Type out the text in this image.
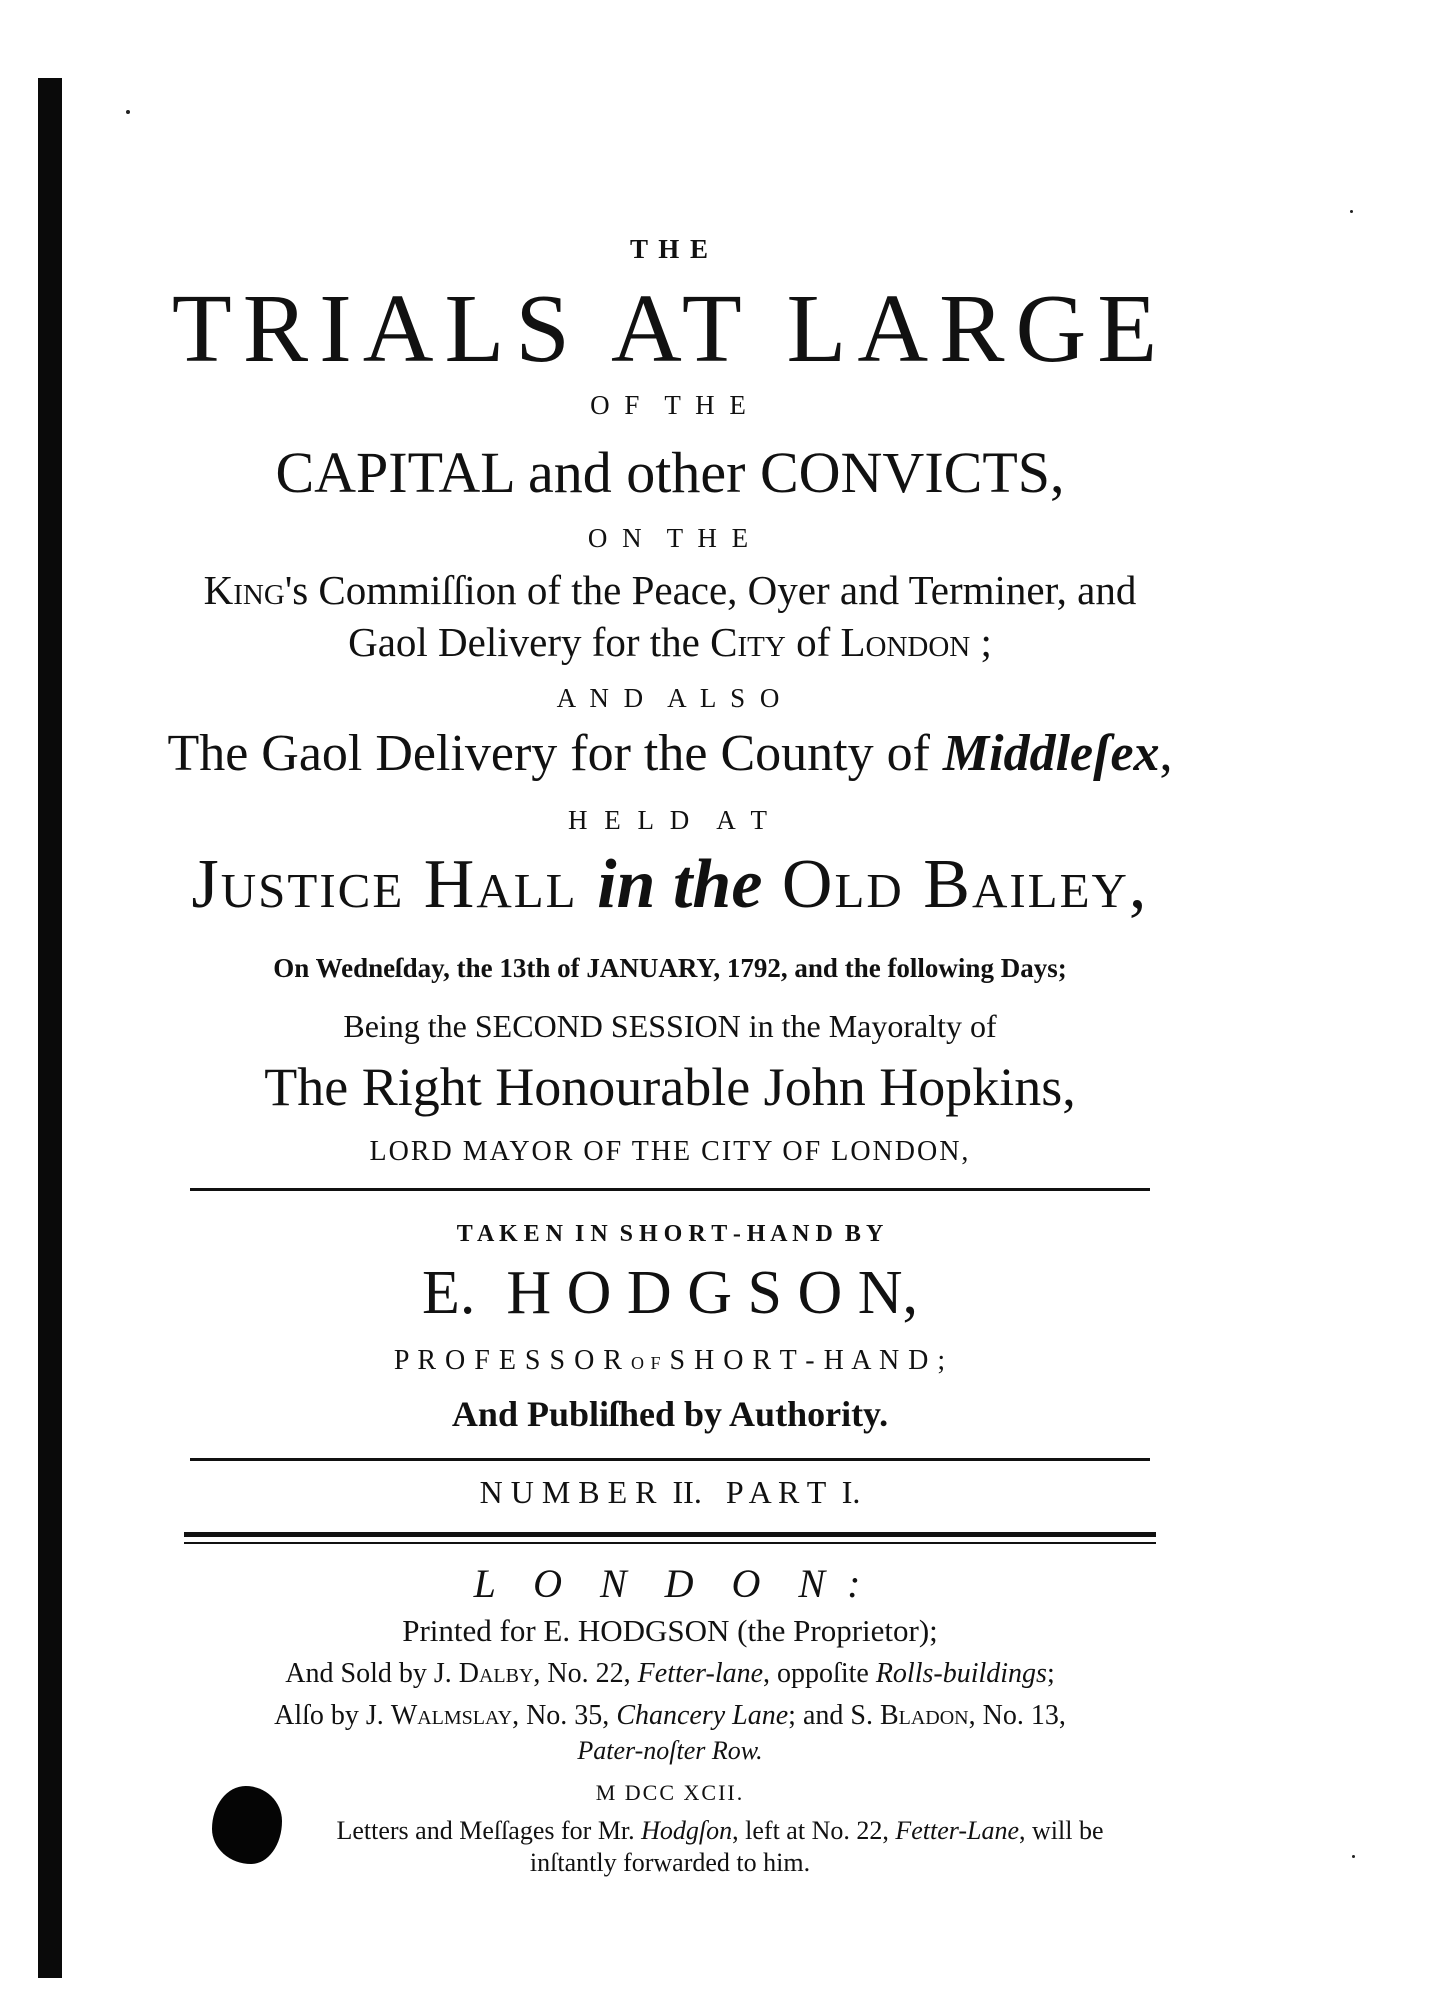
T H E
TRIALS AT LARGE
O F  T H E
CAPITAL and other CONVICTS,
O N  T H E
King's Commiſſion of the Peace, Oyer and Terminer, and
Gaol Delivery for the City of London ;
A N D  A L S O
The Gaol Delivery for the County of Middleſex,
H E L D  A T
Justice Hall in the Old Bailey,
On Wedneſday, the 13th of JANUARY, 1792, and the following Days;
Being the SECOND SESSION in the Mayoralty of
The Right Honourable John Hopkins,
LORD MAYOR OF THE CITY OF LONDON,
T A K E N  I N  S H O R T - H A N D  B Y
E.  H O D G S O N,
P R O F E S S O R O F S H O R T - H A N D ;
And Publiſhed by Authority.
N U M B E R  II.   P A R T  I.
L  O  N  D  O  N :
Printed for E. HODGSON (the Proprietor);
And Sold by J. Dalby, No. 22, Fetter-lane, oppoſite Rolls-buildings;
Alſo by J. Walmslay, No. 35, Chancery Lane; and S. Bladon, No. 13,
Pater-noſter Row.
M DCC XCII.
Letters and Meſſages for Mr. Hodgſon, left at No. 22, Fetter-Lane, will be
inſtantly forwarded to him.
